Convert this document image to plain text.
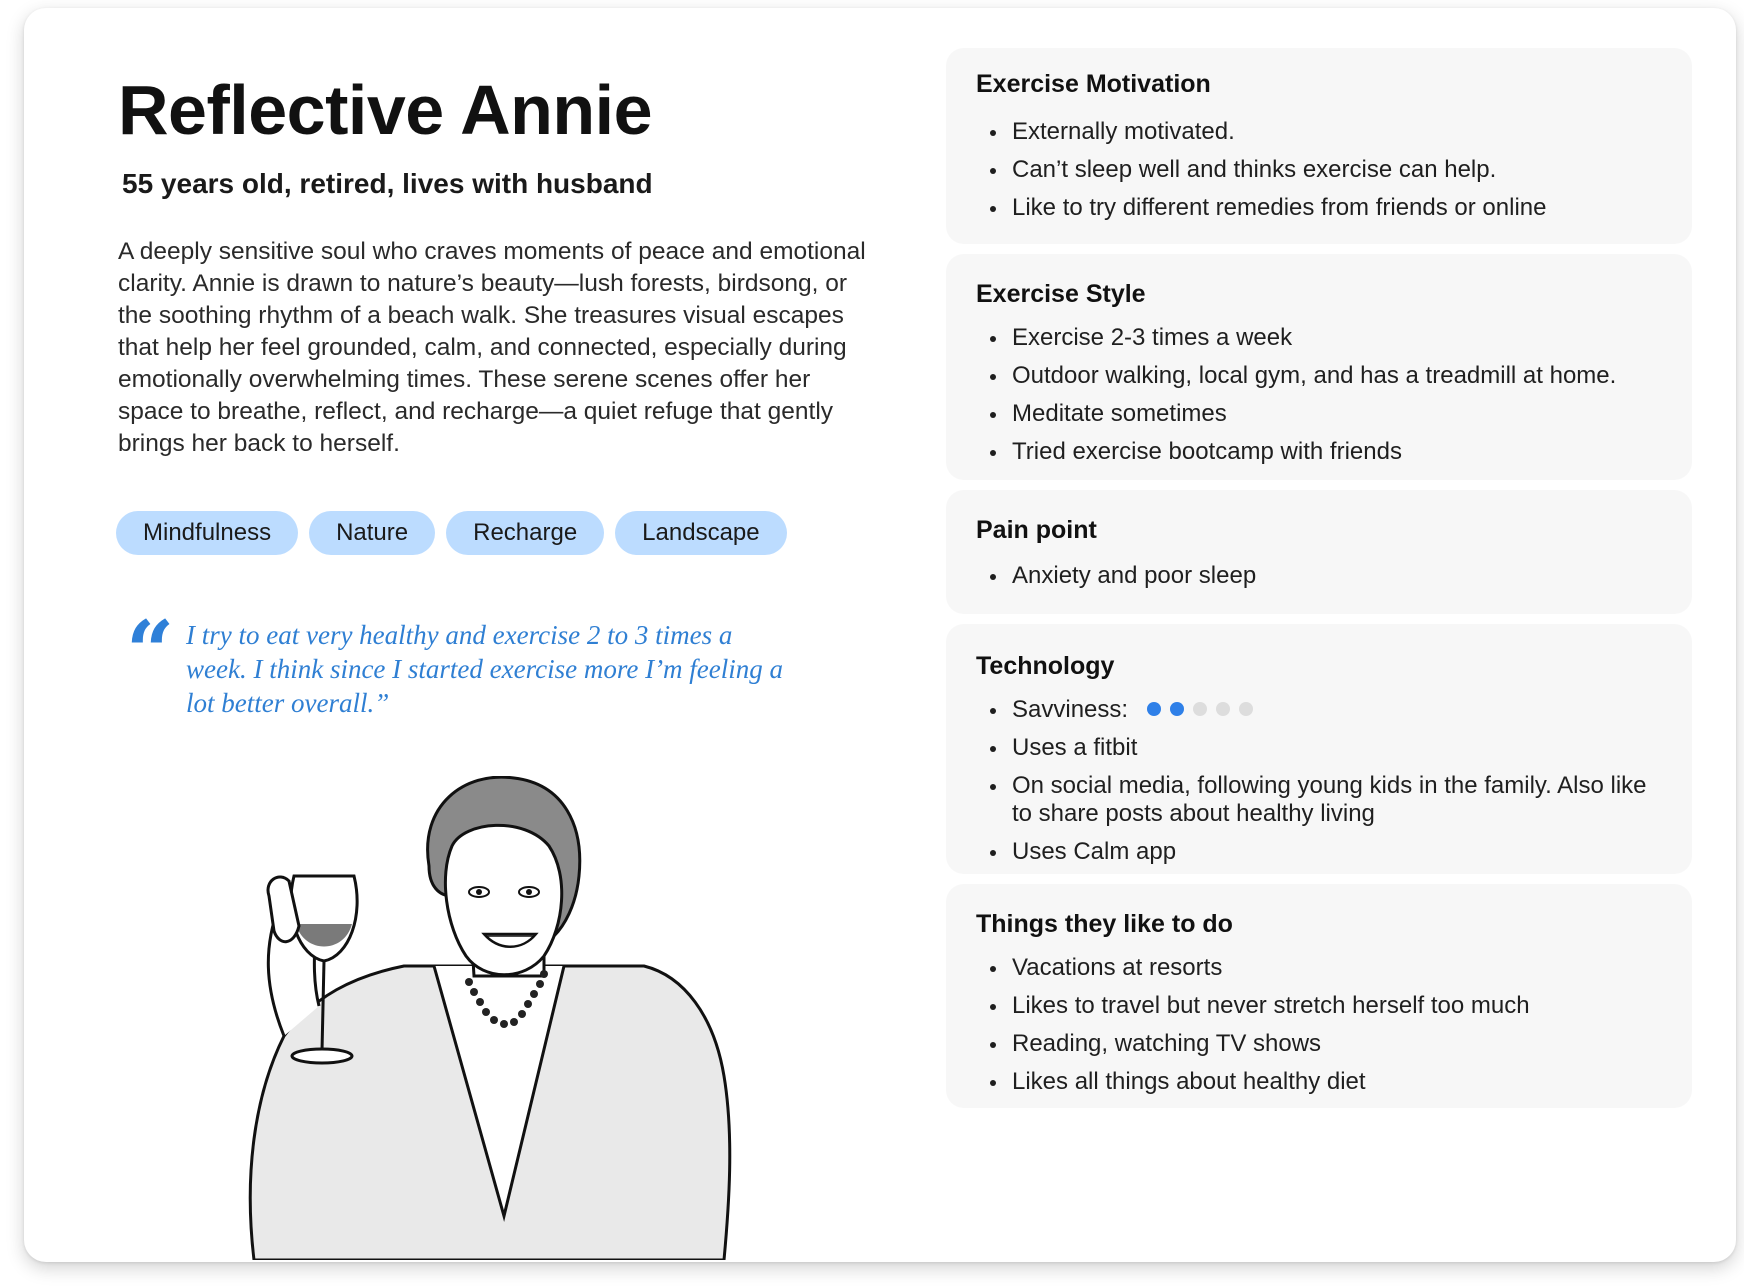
Reflective Annie
55 years old, retired, lives with husband

A deeply sensitive soul who craves moments of peace and emotional clarity. Annie is drawn to nature’s beauty—lush forests, birdsong, or the soothing rhythm of a beach walk. She treasures visual escapes that help her feel grounded, calm, and connected, especially during emotionally overwhelming times. These serene scenes offer her space to breathe, reflect, and recharge—a quiet refuge that gently brings her back to herself.

Mindfulness	Nature	Recharge	Landscape
“ I try to eat very healthy and exercise 2 to 3 times a week. I think since I started exercise more I’m feeling a lot better overall.”

Exercise Motivation
Externally motivated.
Can’t sleep well and thinks exercise can help.
Like to try different remedies from friends or online
Exercise Style
Exercise 2-3 times a week
Outdoor walking, local gym, and has a treadmill at home.
Meditate sometimes
Tried exercise bootcamp with friends
Pain point
Anxiety and poor sleep
Technology
Savviness:
Uses a fitbit
On social media, following young kids in the family. Also like to share posts about healthy living
Uses Calm app
Things they like to do
Vacations at resorts
Likes to travel but never stretch herself too much
Reading, watching TV shows
Likes all things about healthy diet
